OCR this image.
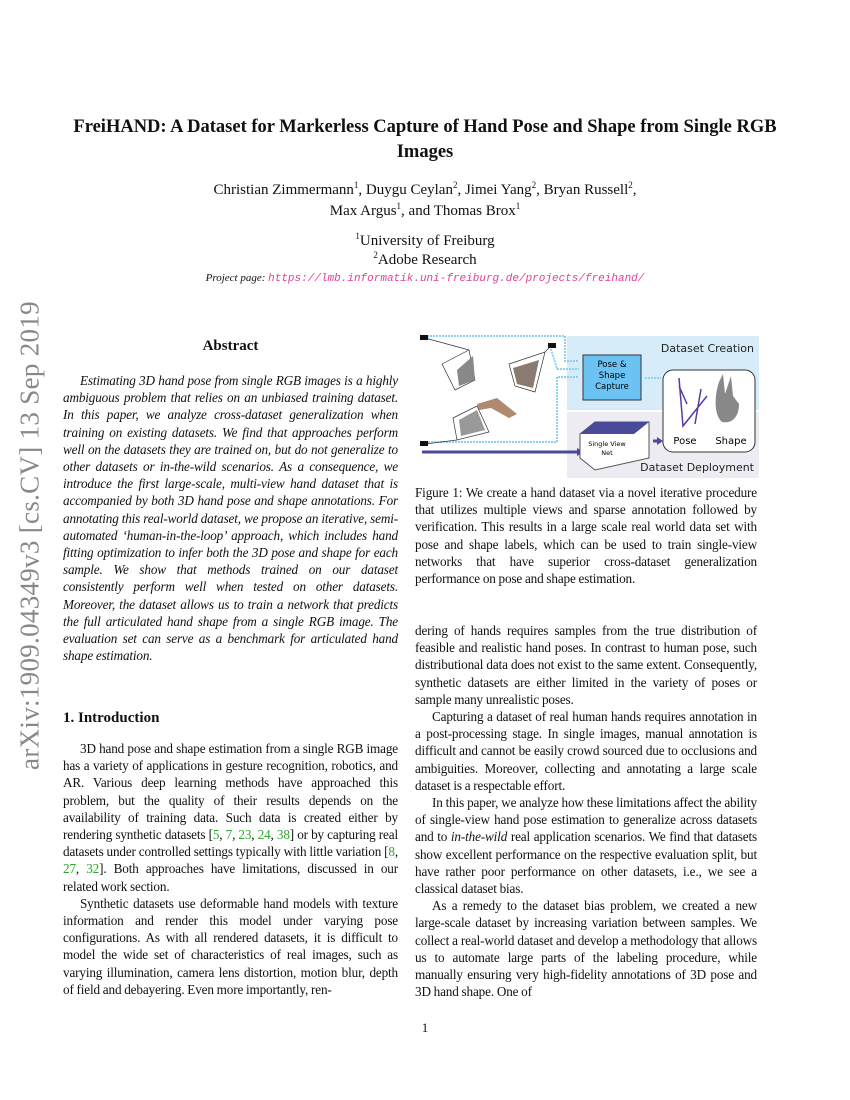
arXiv:1909.04349v3 [cs.CV] 13 Sep 2019
FreiHAND: A Dataset for Markerless Capture of Hand Pose and Shape from Single RGB Images
Christian Zimmermann$^1$, Duygu Ceylan$^2$, Jimei Yang$^2$, Bryan Russell$^2$,
Max Argus$^1$, and Thomas Brox$^1$
$^1$University of Freiburg
$^2$Adobe Research
Project page: https://lmb.informatik.uni-freiburg.de/projects/freihand/
Abstract

Estimating 3D hand pose from single RGB images is a highly ambiguous problem that relies on an unbiased training dataset. In this paper, we analyze cross-dataset generalization when training on existing datasets. We find that approaches perform well on the datasets they are trained on, but do not generalize to other datasets or in-the-wild scenarios. As a consequence, we introduce the first large-scale, multi-view hand dataset that is accompanied by both 3D hand pose and shape annotations. For annotating this real-world dataset, we propose an iterative, semi-automated ‘human-in-the-loop’ approach, which includes hand fitting optimization to infer both the 3D pose and shape for each sample. We show that methods trained on our dataset consistently perform well when tested on other datasets. Moreover, the dataset allows us to train a network that predicts the full articulated hand shape from a single RGB image. The evaluation set can serve as a benchmark for articulated hand shape estimation.

1. Introduction

3D hand pose and shape estimation from a single RGB image has a variety of applications in gesture recognition, robotics, and AR. Various deep learning methods have approached this problem, but the quality of their results depends on the availability of training data. Such data is created either by rendering synthetic datasets [5, 7, 23, 24, 38] or by capturing real datasets under controlled settings typically with little variation [8, 27, 32]. Both approaches have limitations, discussed in our related work section.

Synthetic datasets use deformable hand models with texture information and render this model under varying pose configurations. As with all rendered datasets, it is difficult to model the wide set of characteristics of real images, such as varying illumination, camera lens distortion, motion blur, depth of field and debayering. Even more importantly, ren-

Dataset Creation
Dataset Deployment
Pose &
Shape
Capture
Pose Shape
Single View
Net

Figure 1: We create a hand dataset via a novel iterative procedure that utilizes multiple views and sparse annotation followed by verification. This results in a large scale real world data set with pose and shape labels, which can be used to train single-view networks that have superior cross-dataset generalization performance on pose and shape estimation.

dering of hands requires samples from the true distribution of feasible and realistic hand poses. In contrast to human pose, such distributional data does not exist to the same extent. Consequently, synthetic datasets are either limited in the variety of poses or sample many unrealistic poses.

Capturing a dataset of real human hands requires annotation in a post-processing stage. In single images, manual annotation is difficult and cannot be easily crowd sourced due to occlusions and ambiguities. Moreover, collecting and annotating a large scale dataset is a respectable effort.

In this paper, we analyze how these limitations affect the ability of single-view hand pose estimation to generalize across datasets and to in-the-wild real application scenarios. We find that datasets show excellent performance on the respective evaluation split, but have rather poor performance on other datasets, i.e., we see a classical dataset bias.

As a remedy to the dataset bias problem, we created a new large-scale dataset by increasing variation between samples. We collect a real-world dataset and develop a methodology that allows us to automate large parts of the labeling procedure, while manually ensuring very high-fidelity annotations of 3D pose and 3D hand shape. One of

1
